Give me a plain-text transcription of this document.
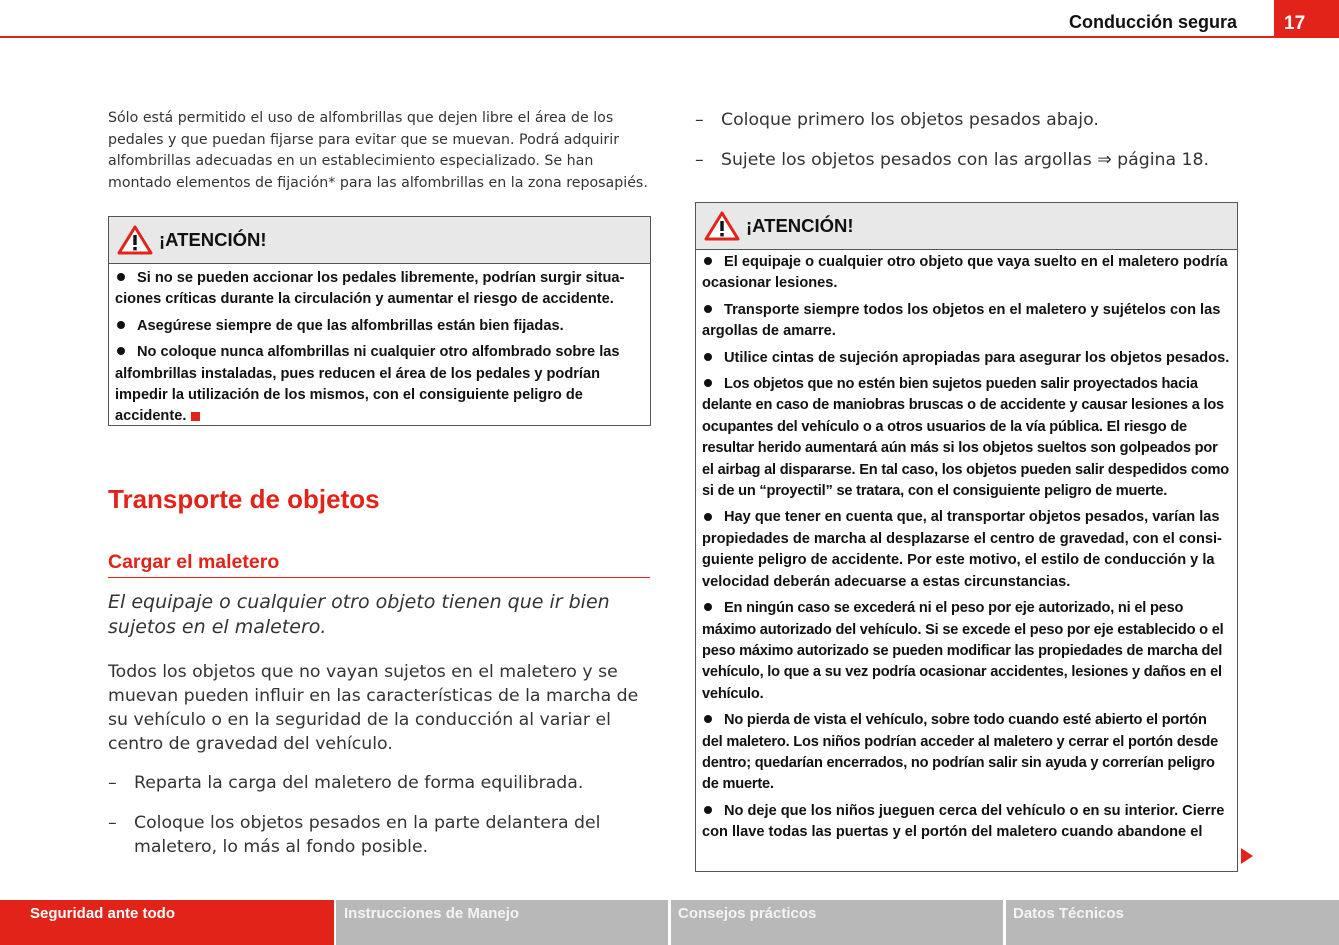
Conducción segura	17
Sólo está permitido el uso de alfombrillas que dejen libre el área de los pedales y que puedan fijarse para evitar que se muevan. Podrá adquirir alfombrillas adecuadas en un establecimiento especializado. Se han montado elementos de fijación* para las alfombrillas en la zona reposapiés.
¡ATENCIÓN!
Si no se pueden accionar los pedales libremente, podrían surgir situa-ciones críticas durante la circulación y aumentar el riesgo de accidente.
Asegúrese siempre de que las alfombrillas están bien fijadas.
No coloque nunca alfombrillas ni cualquier otro alfombrado sobre las alfombrillas instaladas, pues reducen el área de los pedales y podrían impedir la utilización de los mismos, con el consiguiente peligro de accidente.
Transporte de objetos
Cargar el maletero
El equipaje o cualquier otro objeto tienen que ir bien sujetos en el maletero.
Todos los objetos que no vayan sujetos en el maletero y se muevan pueden influir en las características de la marcha de su vehículo o en la seguridad de la conducción al variar el centro de gravedad del vehículo.
– Reparta la carga del maletero de forma equilibrada.
– Coloque los objetos pesados en la parte delantera del maletero, lo más al fondo posible.
– Coloque primero los objetos pesados abajo.
– Sujete los objetos pesados con las argollas ⇒ página 18.
¡ATENCIÓN!
El equipaje o cualquier otro objeto que vaya suelto en el maletero podría ocasionar lesiones.
Transporte siempre todos los objetos en el maletero y sujételos con las argollas de amarre.
Utilice cintas de sujeción apropiadas para asegurar los objetos pesados.
Los objetos que no estén bien sujetos pueden salir proyectados hacia delante en caso de maniobras bruscas o de accidente y causar lesiones a los ocupantes del vehículo o a otros usuarios de la vía pública. El riesgo de resultar herido aumentará aún más si los objetos sueltos son golpeados por el airbag al dispararse. En tal caso, los objetos pueden salir despedidos como si de un “proyectil” se tratara, con el consiguiente peligro de muerte.
Hay que tener en cuenta que, al transportar objetos pesados, varían las propiedades de marcha al desplazarse el centro de gravedad, con el consi-guiente peligro de accidente. Por este motivo, el estilo de conducción y la velocidad deberán adecuarse a estas circunstancias.
En ningún caso se excederá ni el peso por eje autorizado, ni el peso máximo autorizado del vehículo. Si se excede el peso por eje establecido o el peso máximo autorizado se pueden modificar las propiedades de marcha del vehículo, lo que a su vez podría ocasionar accidentes, lesiones y daños en el vehículo.
No pierda de vista el vehículo, sobre todo cuando esté abierto el portón del maletero. Los niños podrían acceder al maletero y cerrar el portón desde dentro; quedarían encerrados, no podrían salir sin ayuda y correrían peligro de muerte.
No deje que los niños jueguen cerca del vehículo o en su interior. Cierre con llave todas las puertas y el portón del maletero cuando abandone el
Seguridad ante todo	Instrucciones de Manejo	Consejos prácticos	Datos Técnicos
